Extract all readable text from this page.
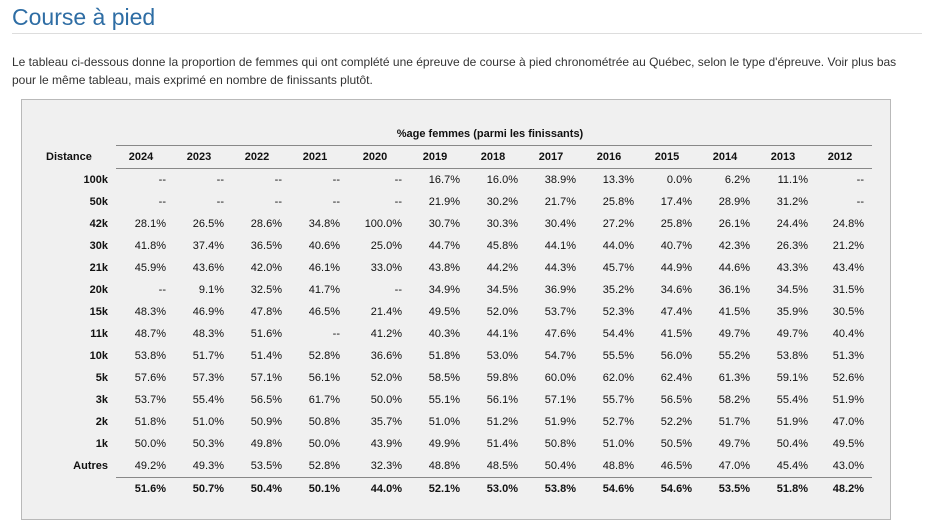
Course à pied

Le tableau ci-dessous donne la proportion de femmes qui ont complété une épreuve de course à pied chronométrée au Québec, selon le type d'épreuve. Voir plus bas pour le même tableau, mais exprimé en nombre de finissants plutôt.

	%age femmes (parmi les finissants)												
Distance	2024	2023	2022	2021	2020	2019	2018	2017	2016	2015	2014	2013	2012
100k	--	--	--	--	--	16.7%	16.0%	38.9%	13.3%	0.0%	6.2%	11.1%	--
50k	--	--	--	--	--	21.9%	30.2%	21.7%	25.8%	17.4%	28.9%	31.2%	--
42k	28.1%	26.5%	28.6%	34.8%	100.0%	30.7%	30.3%	30.4%	27.2%	25.8%	26.1%	24.4%	24.8%
30k	41.8%	37.4%	36.5%	40.6%	25.0%	44.7%	45.8%	44.1%	44.0%	40.7%	42.3%	26.3%	21.2%
21k	45.9%	43.6%	42.0%	46.1%	33.0%	43.8%	44.2%	44.3%	45.7%	44.9%	44.6%	43.3%	43.4%
20k	--	9.1%	32.5%	41.7%	--	34.9%	34.5%	36.9%	35.2%	34.6%	36.1%	34.5%	31.5%
15k	48.3%	46.9%	47.8%	46.5%	21.4%	49.5%	52.0%	53.7%	52.3%	47.4%	41.5%	35.9%	30.5%
11k	48.7%	48.3%	51.6%	--	41.2%	40.3%	44.1%	47.6%	54.4%	41.5%	49.7%	49.7%	40.4%
10k	53.8%	51.7%	51.4%	52.8%	36.6%	51.8%	53.0%	54.7%	55.5%	56.0%	55.2%	53.8%	51.3%
5k	57.6%	57.3%	57.1%	56.1%	52.0%	58.5%	59.8%	60.0%	62.0%	62.4%	61.3%	59.1%	52.6%
3k	53.7%	55.4%	56.5%	61.7%	50.0%	55.1%	56.1%	57.1%	55.7%	56.5%	58.2%	55.4%	51.9%
2k	51.8%	51.0%	50.9%	50.8%	35.7%	51.0%	51.2%	51.9%	52.7%	52.2%	51.7%	51.9%	47.0%
1k	50.0%	50.3%	49.8%	50.0%	43.9%	49.9%	51.4%	50.8%	51.0%	50.5%	49.7%	50.4%	49.5%
Autres	49.2%	49.3%	53.5%	52.8%	32.3%	48.8%	48.5%	50.4%	48.8%	46.5%	47.0%	45.4%	43.0%
	51.6%	50.7%	50.4%	50.1%	44.0%	52.1%	53.0%	53.8%	54.6%	54.6%	53.5%	51.8%	48.2%
